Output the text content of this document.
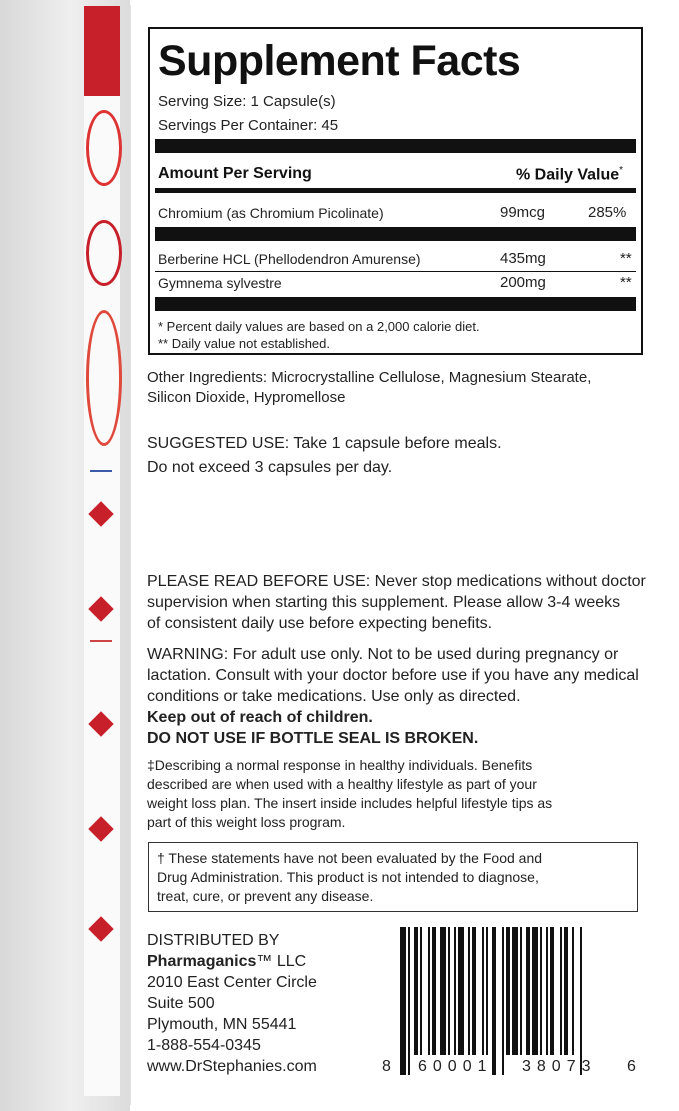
Supplement Facts
Serving Size: 1 Capsule(s)
Servings Per Container: 45
Amount Per Serving	% Daily Value*
Chromium (as Chromium Picolinate)	99mcg	285%
Berberine HCL (Phellodendron Amurense)	435mg	**
Gymnema sylvestre	200mg	**
* Percent daily values are based on a 2,000 calorie diet.
** Daily value not established.
Other Ingredients: Microcrystalline Cellulose, Magnesium Stearate,
Silicon Dioxide, Hypromellose
SUGGESTED USE: Take 1 capsule before meals.
Do not exceed 3 capsules per day.
PLEASE READ BEFORE USE: Never stop medications without doctor
supervision when starting this supplement. Please allow 3-4 weeks
of consistent daily use before expecting benefits.
WARNING: For adult use only. Not to be used during pregnancy or
lactation. Consult with your doctor before use if you have any medical
conditions or take medications. Use only as directed.
Keep out of reach of children.
DO NOT USE IF BOTTLE SEAL IS BROKEN.
‡Describing a normal response in healthy individuals. Benefits
described are when used with a healthy lifestyle as part of your
weight loss plan. The insert inside includes helpful lifestyle tips as
part of this weight loss program.
† These statements have not been evaluated by the Food and
Drug Administration. This product is not intended to diagnose,
treat, cure, or prevent any disease.
DISTRIBUTED BY
Pharmaganics™ LLC
2010 East Center Circle
Suite 500
Plymouth, MN 55441
1-888-554-0345
www.DrStephanies.com	8 60001 38073 6
